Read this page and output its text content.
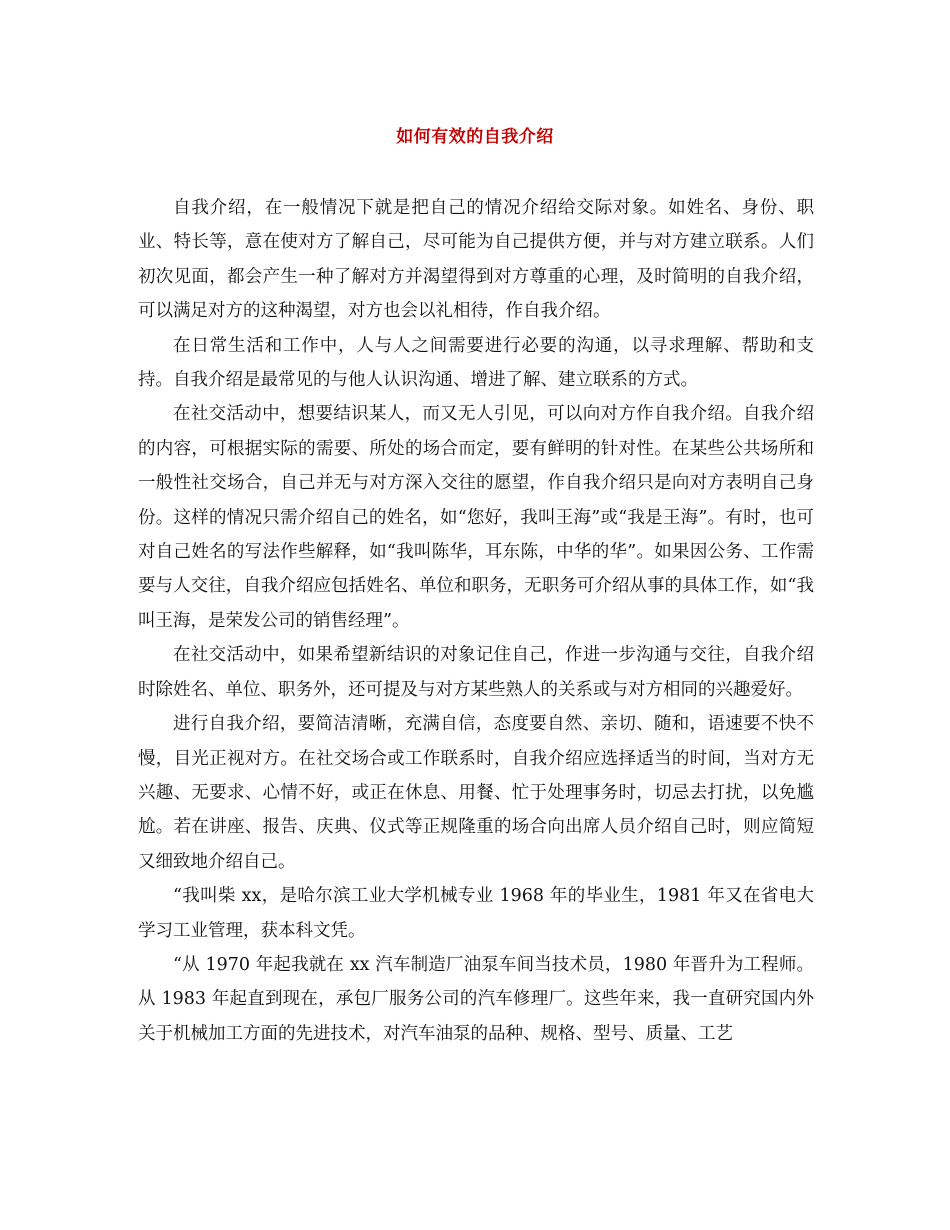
如何有效的自我介绍

自我介绍，在一般情况下就是把自己的情况介绍给交际对象。如姓名、身份、职业、特长等，意在使对方了解自己，尽可能为自己提供方便，并与对方建立联系。人们初次见面，都会产生一种了解对方并渴望得到对方尊重的心理，及时简明的自我介绍，可以满足对方的这种渴望，对方也会以礼相待，作自我介绍。

在日常生活和工作中，人与人之间需要进行必要的沟通，以寻求理解、帮助和支持。自我介绍是最常见的与他人认识沟通、增进了解、建立联系的方式。

在社交活动中，想要结识某人，而又无人引见，可以向对方作自我介绍。自我介绍的内容，可根据实际的需要、所处的场合而定，要有鲜明的针对性。在某些公共场所和一般性社交场合，自己并无与对方深入交往的愿望，作自我介绍只是向对方表明自己身份。这样的情况只需介绍自己的姓名，如“您好，我叫王海”或“我是王海”。有时，也可对自己姓名的写法作些解释，如“我叫陈华，耳东陈，中华的华”。如果因公务、工作需要与人交往，自我介绍应包括姓名、单位和职务，无职务可介绍从事的具体工作，如“我叫王海，是荣发公司的销售经理”。

在社交活动中，如果希望新结识的对象记住自己，作进一步沟通与交往，自我介绍时除姓名、单位、职务外，还可提及与对方某些熟人的关系或与对方相同的兴趣爱好。

进行自我介绍，要简洁清晰，充满自信，态度要自然、亲切、随和，语速要不快不慢，目光正视对方。在社交场合或工作联系时，自我介绍应选择适当的时间，当对方无兴趣、无要求、心情不好，或正在休息、用餐、忙于处理事务时，切忌去打扰，以免尴尬。若在讲座、报告、庆典、仪式等正规隆重的场合向出席人员介绍自己时，则应简短又细致地介绍自己。

“我叫柴 xx，是哈尔滨工业大学机械专业 1968 年的毕业生，1981 年又在省电大学习工业管理，获本科文凭。

“从 1970 年起我就在 xx 汽车制造厂油泵车间当技术员，1980 年晋升为工程师。从 1983 年起直到现在，承包厂服务公司的汽车修理厂。这些年来，我一直研究国内外关于机械加工方面的先进技术，对汽车油泵的品种、规格、型号、质量、工艺
